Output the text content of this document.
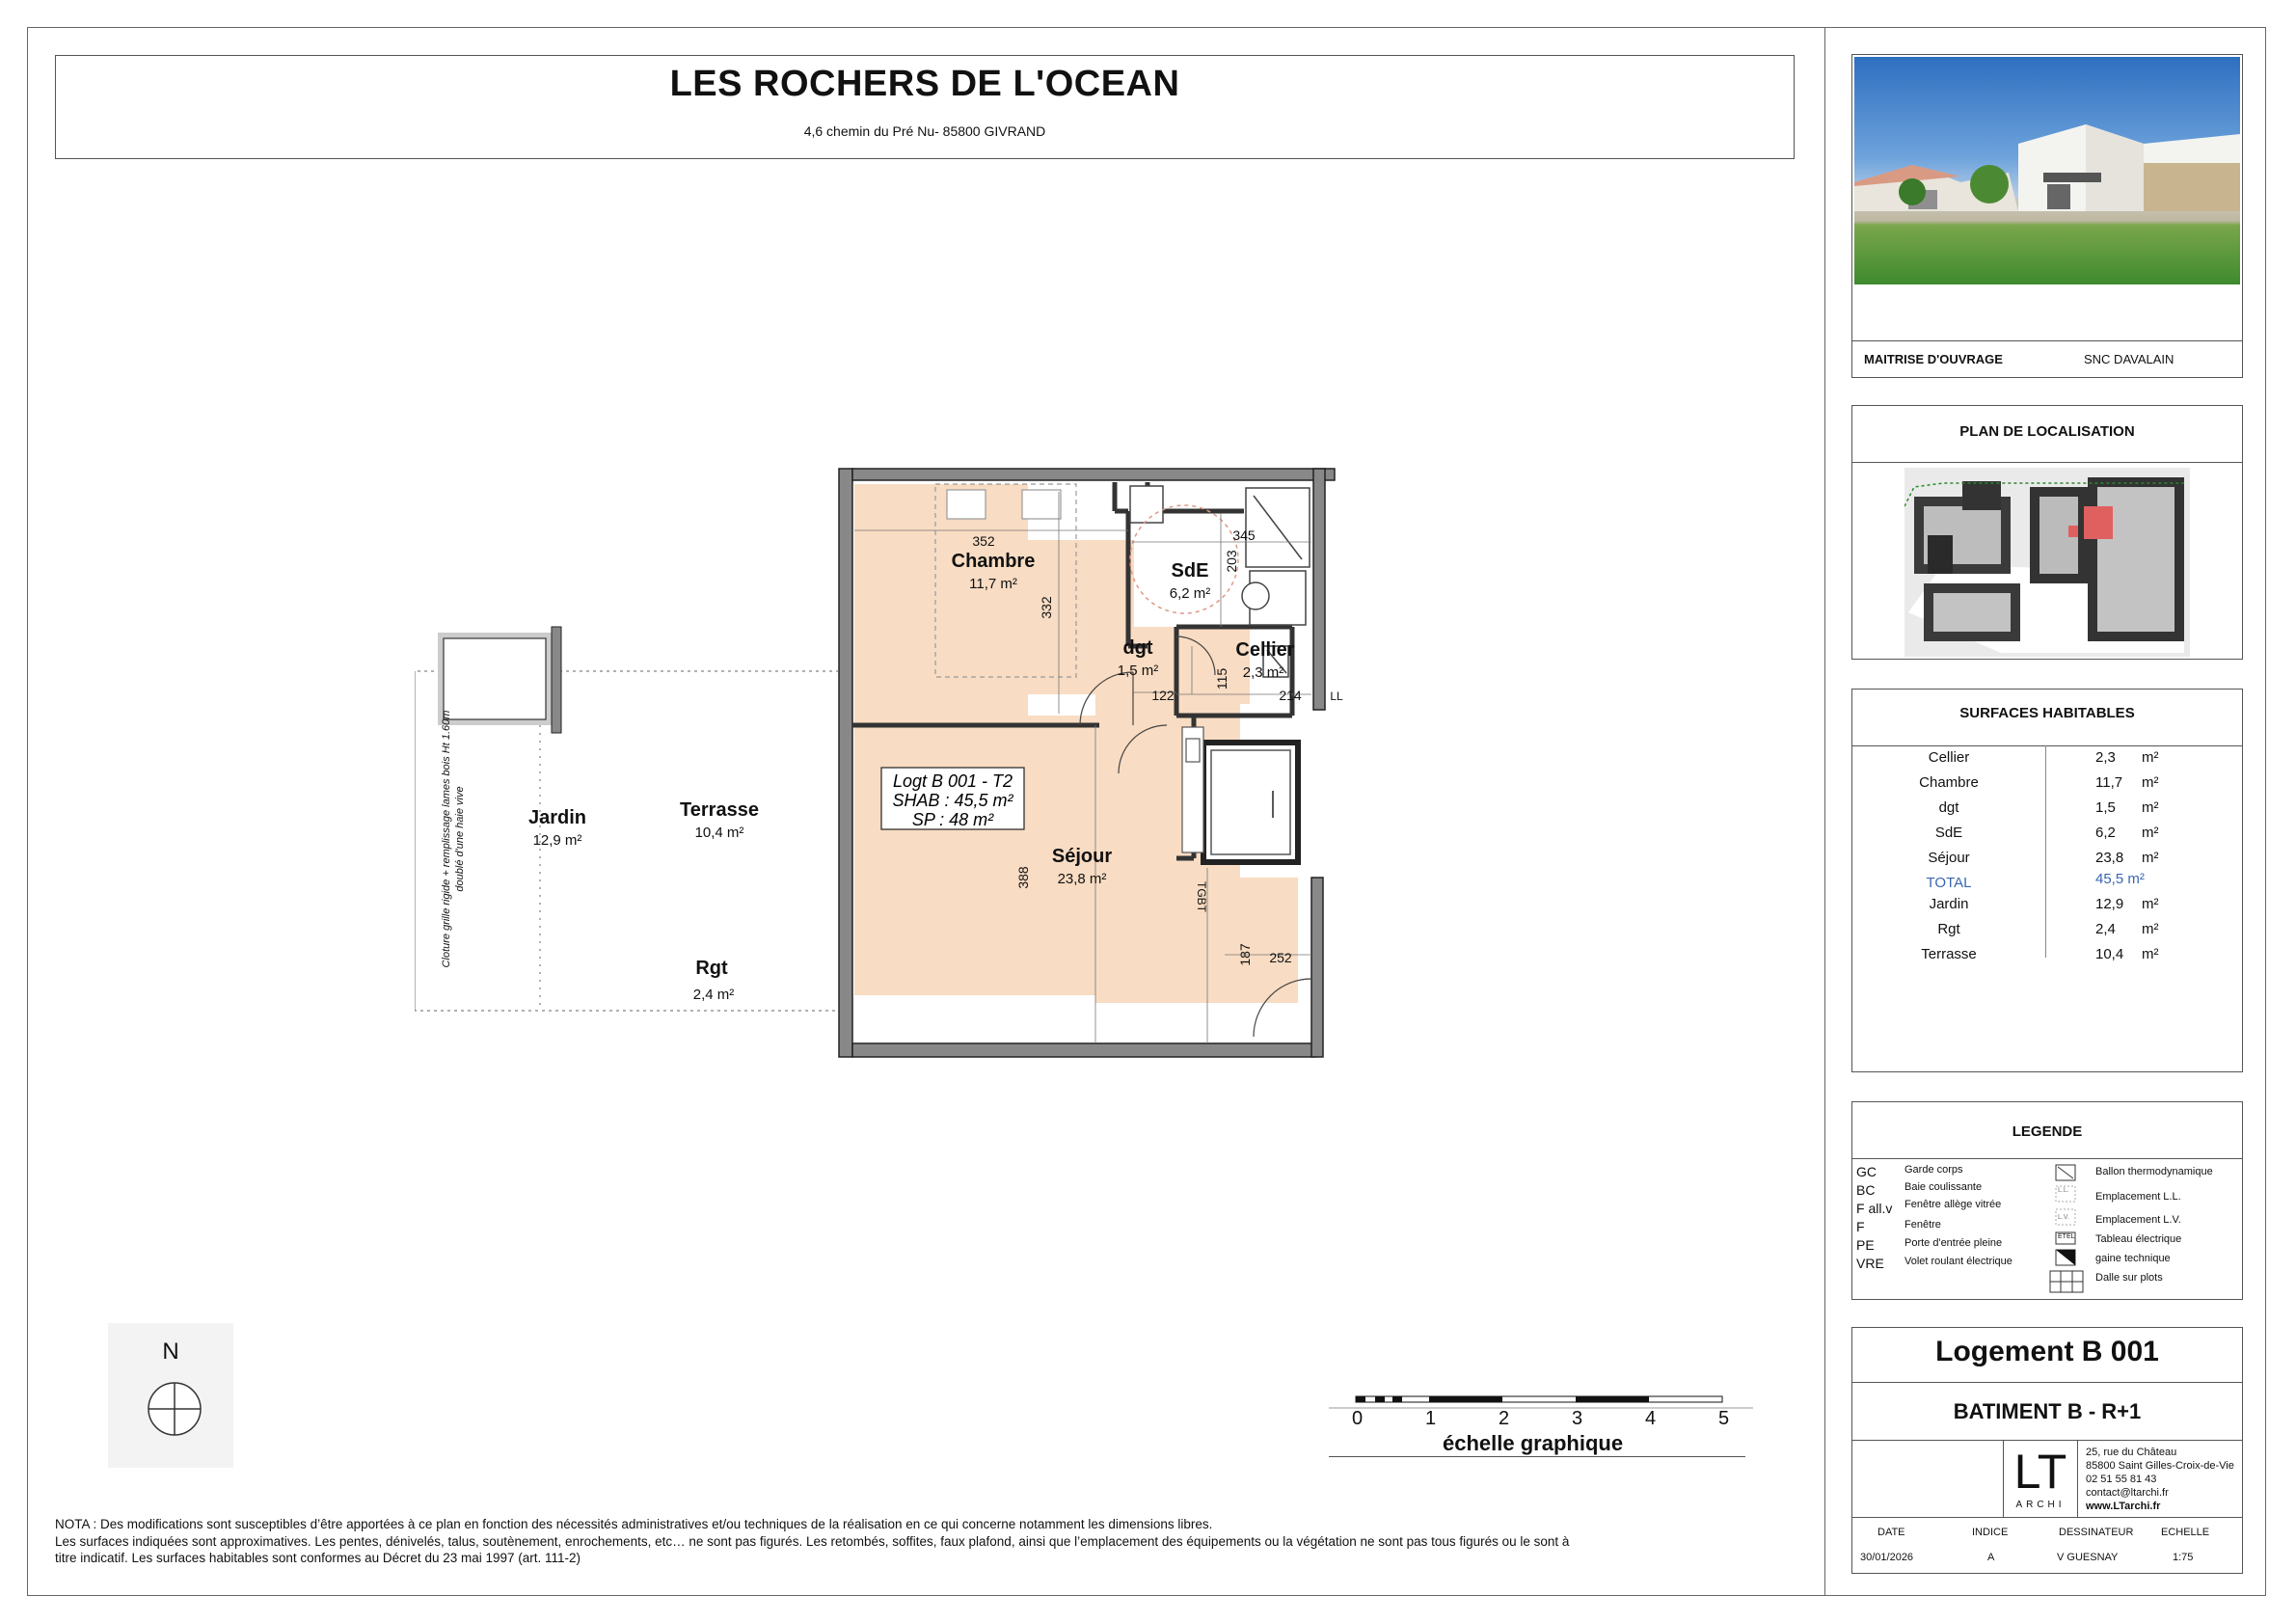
LES ROCHERS DE L'OCEAN
4,6 chemin du Pré Nu- 85800 GIVRAND
Chambre
11,7 m²
352
332
SdE
6,2 m²
345
203
dgt
1,5 m²
122
Cellier
2,3 m²
214
115
LL
Séjour
23,8 m²
388
252
187
TGBT
Jardin
12,9 m²
Terrasse
10,4 m²
Rgt
2,4 m²
Cloture grille rigide + remplissage lames bois Ht 1.60m doublé d'une haie vive
Logt B 001 - T2
SHAB : 45,5 m²
SP : 48 m²
N
0	1	2	3	4	5
échelle graphique
NOTA : Des modifications sont susceptibles d’être apportées à ce plan en fonction des nécessités administratives et/ou techniques de la réalisation en ce qui concerne notamment les dimensions libres.
Les surfaces indiquées sont approximatives. Les pentes, dénivelés, talus, soutènement, enrochements, etc… ne sont pas figurés. Les retombés, soffites, faux plafond, ainsi que l’emplacement des équipements ou la végétation ne sont pas tous figurés ou le sont à
titre indicatif. Les surfaces habitables sont conformes au Décret du 23 mai 1997 (art. 111-2)
MAITRISE D'OUVRAGE	SNC DAVALAIN
PLAN DE LOCALISATION
SURFACES HABITABLES
Cellier	2,3 m²
Chambre	11,7 m²
dgt	1,5 m²
SdE	6,2 m²
Séjour	23,8 m²
TOTAL	45,5 m²
Jardin	12,9 m²
Rgt	2,4 m²
Terrasse	10,4 m²
LEGENDE
GC	Garde corps
BC	Baie coulissante
F all.v Fenêtre allège vitrée
F	Fenêtre
PE	Porte d'entrée pleine
VRE Volet roulant électrique
Ballon thermodynamique
L.L.
Emplacement L.L.
L.V. Emplacement L.V.
ETEL Tableau électrique
gaine technique
Dalle sur plots
Logement B 001
BATIMENT B - R+1
LT
ARCHI
25, rue du Château
85800 Saint Gilles-Croix-de-Vie
02 51 55 81 43
contact@ltarchi.fr
www.LTarchi.fr
DATE	INDICE	DESSINATEUR	ECHELLE
30/01/2026	A	V GUESNAY	1:75
